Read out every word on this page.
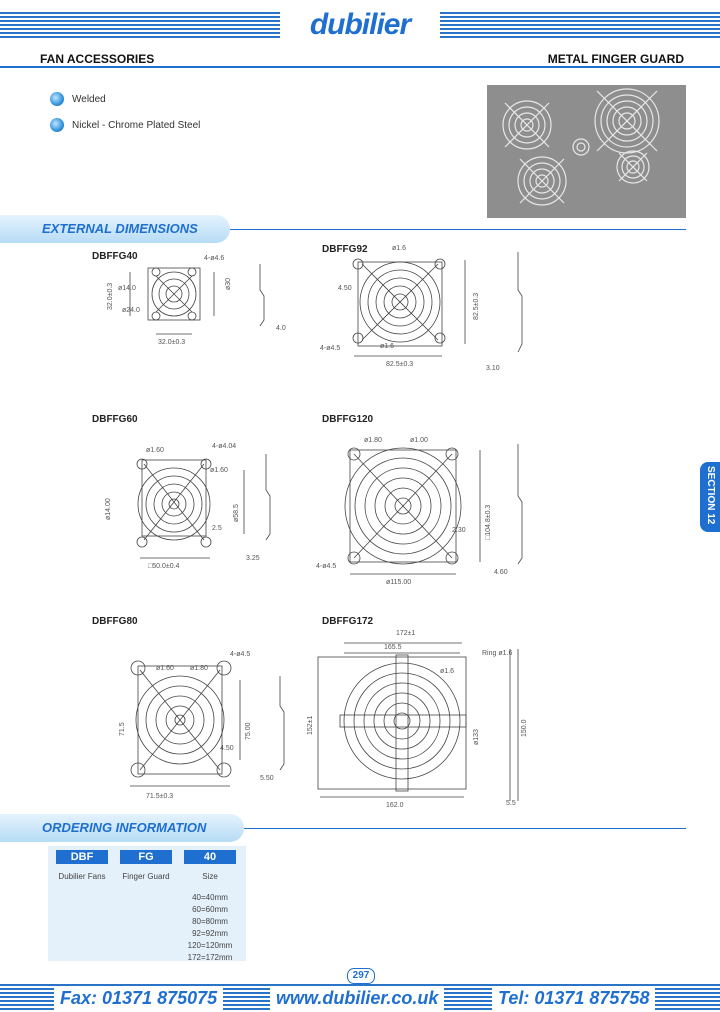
dubilier
FAN ACCESSORIES	METAL FINGER GUARD
Welded
Nickel - Chrome Plated Steel
EXTERNAL DIMENSIONS
SECTION 12
DBFFG40	4-ø4.6
32.0±0.3 ø14.0
ø24.0
32.0±0.3
4.0
ø30
DBFFG92	ø1.6
4.50
82.5±0.3
4-ø4.5	ø1.6
82.5±0.3
3.10
DBFFG60
ø1.60
4-ø4.04
ø1.60
ø14.00	ø58.5
2.5
□50.0±0.4
3.25
DBFFG120
ø1.80	ø1.00
□104.8±0.3
2.30
4-ø4.5
ø115.00
4.60
DBFFG80
ø1.60 ø1.80
4-ø4.5
71.5
4.50
75.00
71.5±0.3
5.50
DBFFG172
172±1
165.5
ø1.6
Ring ø1.6
152±1
ø133
150.0
162.0	5.5
ORDERING INFORMATION
DBF	FG	40
Dubilier Fans	Finger Guard	Size
40=40mm
60=60mm
80=80mm
92=92mm
120=120mm
172=172mm
297
Fax: 01371 875075	www.dubilier.co.uk	Tel: 01371 875758
